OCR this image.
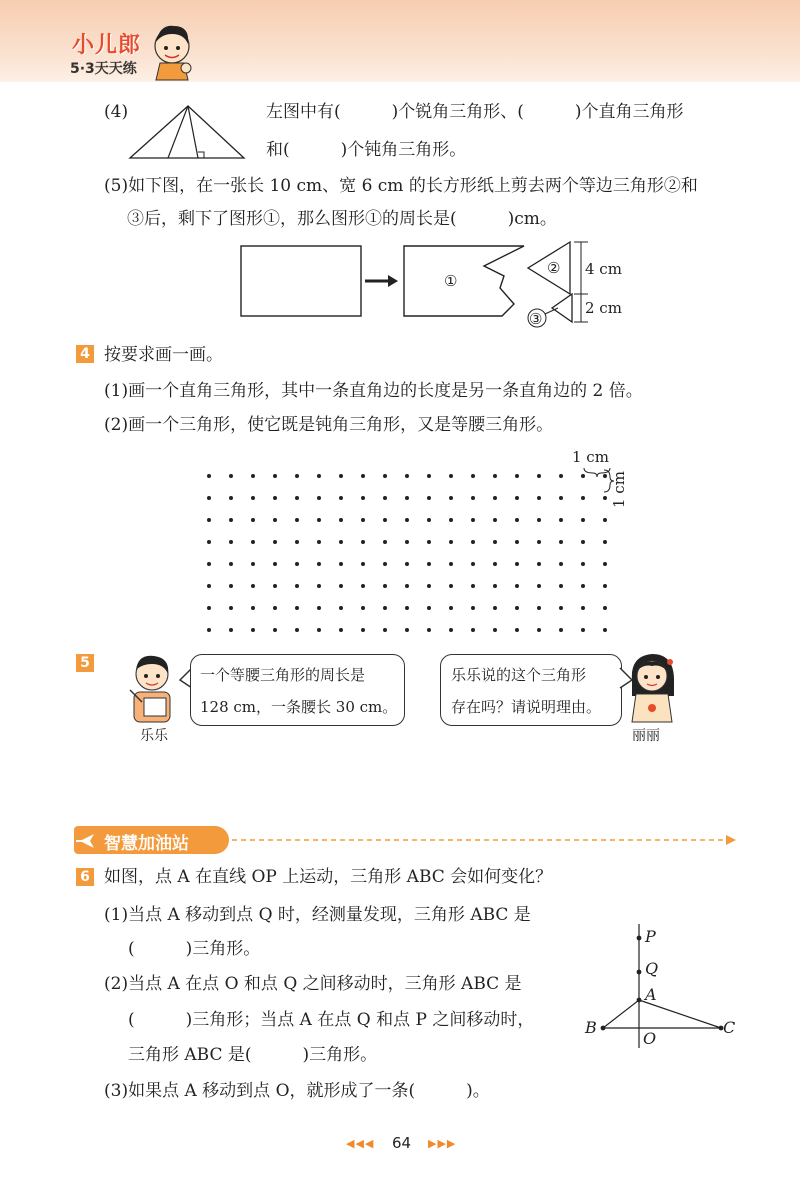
小儿郎
5·3天天练
(4)	左图中有(　　　)个锐角三角形、(　　　)个直角三角形
和(　　　)个钝角三角形。
(5)如下图，在一张长 10 cm、宽 6 cm 的长方形纸上剪去两个等边三角形②和
③后，剩下了图形①，那么图形①的周长是(　　　)cm。
①
②
③
4 cm
2 cm
4 按要求画一画。
(1)画一个直角三角形，其中一条直角边的长度是另一条直角边的 2 倍。
(2)画一个三角形，使它既是钝角三角形，又是等腰三角形。
1 cm
1 cm
5
乐乐
一个等腰三角形的周长是
128 cm，一条腰长 30 cm。
乐乐说的这个三角形
存在吗？请说明理由。
丽丽
智慧加油站
6 如图，点 A 在直线 OP 上运动，三角形 ABC 会如何变化？
(1)当点 A 移动到点 Q 时，经测量发现，三角形 ABC 是
(　　　)三角形。
(2)当点 A 在点 O 和点 Q 之间移动时，三角形 ABC 是
(　　　)三角形；当点 A 在点 Q 和点 P 之间移动时，
三角形 ABC 是(　　　)三角形。
(3)如果点 A 移动到点 O，就形成了一条(　　　)。
P
Q
A
B
O
C
◀◀◀ 64 ▶▶▶
